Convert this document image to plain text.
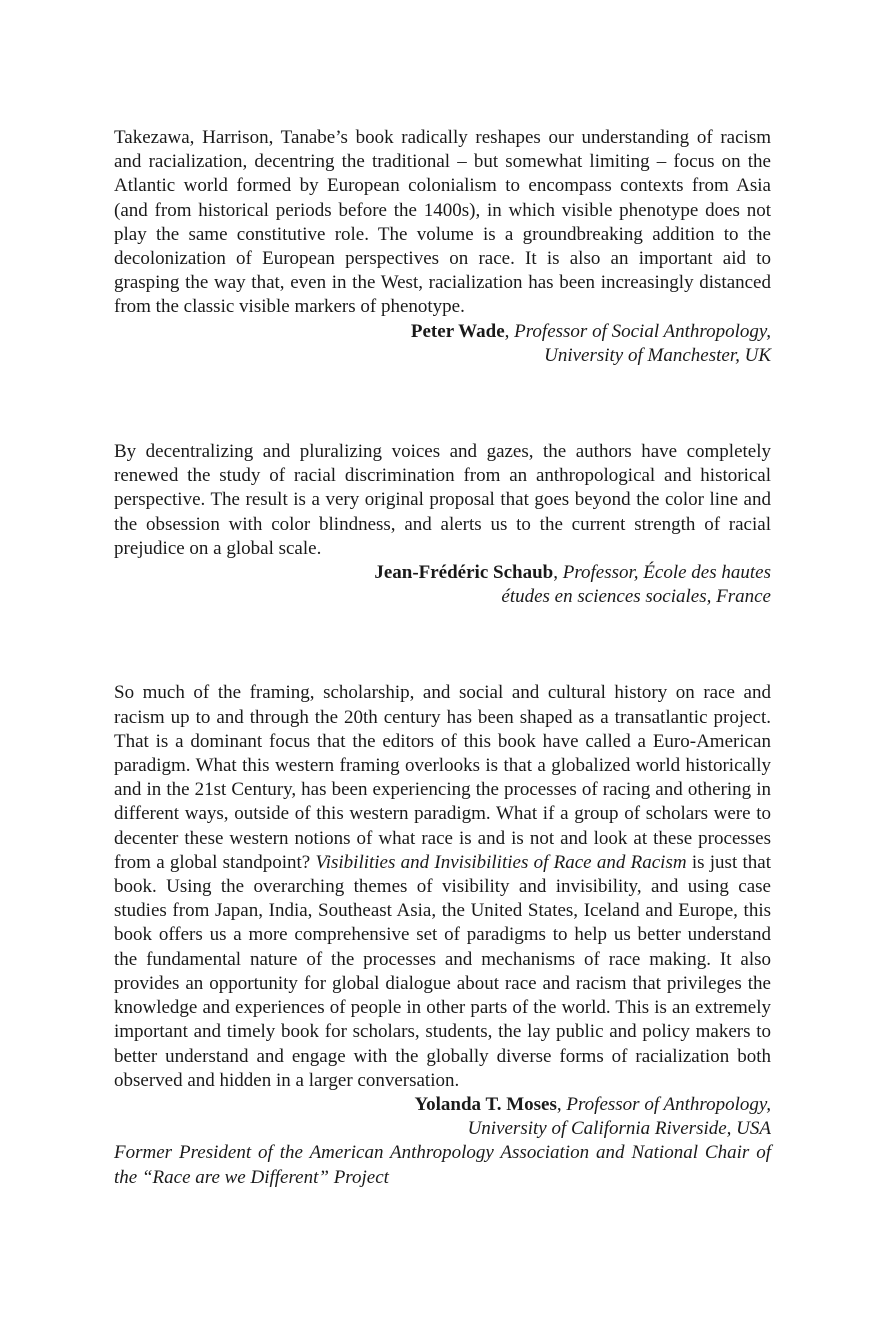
Takezawa, Harrison, Tanabe’s book radically reshapes our understanding of racism and racialization, decentring the traditional – but somewhat limiting – focus on the Atlantic world formed by European colonialism to encompass contexts from Asia (and from historical periods before the 1400s), in which visible phenotype does not play the same constitutive role. The volume is a groundbreaking addition to the decolonization of European perspectives on race. It is also an important aid to grasping the way that, even in the West, racialization has been increasingly distanced from the classic visible markers of phenotype.

Peter Wade, Professor of Social Anthropology,
University of Manchester, UK

By decentralizing and pluralizing voices and gazes, the authors have completely renewed the study of racial discrimination from an anthropological and historical perspective. The result is a very original proposal that goes beyond the color line and the obsession with color blindness, and alerts us to the current strength of racial prejudice on a global scale.

Jean-Frédéric Schaub, Professor, École des hautes
études en sciences sociales, France

So much of the framing, scholarship, and social and cultural history on race and racism up to and through the 20th century has been shaped as a transatlantic project. That is a dominant focus that the editors of this book have called a Euro-American paradigm. What this western framing overlooks is that a globalized world historically and in the 21st Century, has been experiencing the processes of racing and othering in different ways, outside of this western paradigm. What if a group of scholars were to decenter these western notions of what race is and is not and look at these processes from a global standpoint? Visibilities and Invisibilities of Race and Racism is just that book. Using the overarching themes of visibility and invisibility, and using case studies from Japan, India, Southeast Asia, the United States, Iceland and Europe, this book offers us a more comprehensive set of paradigms to help us better understand the fundamental nature of the processes and mechanisms of race making. It also provides an opportunity for global dialogue about race and racism that privileges the knowledge and experiences of people in other parts of the world. This is an extremely important and timely book for scholars, students, the lay public and policy makers to better understand and engage with the globally diverse forms of racialization both observed and hidden in a larger conversation.

Yolanda T. Moses, Professor of Anthropology,
University of California Riverside, USA
Former President of the American Anthropology Association and National Chair of the “Race are we Different” Project
